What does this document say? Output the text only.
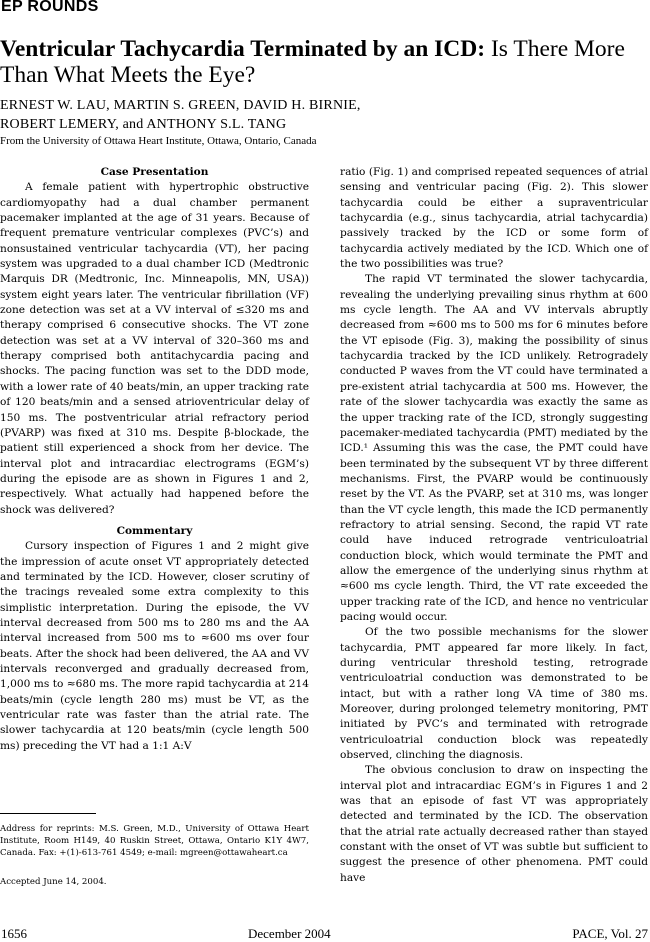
EP ROUNDS
Ventricular Tachycardia Terminated by an ICD: Is There More Than What Meets the Eye?
ERNEST W. LAU, MARTIN S. GREEN, DAVID H. BIRNIE,
ROBERT LEMERY, and ANTHONY S.L. TANG
From the University of Ottawa Heart Institute, Ottawa, Ontario, Canada
Case Presentation

A female patient with hypertrophic obstructive cardiomyopathy had a dual chamber permanent pacemaker implanted at the age of 31 years. Because of frequent premature ventricular complexes (PVC’s) and nonsustained ventricular tachycardia (VT), her pacing system was upgraded to a dual chamber ICD (Medtronic Marquis DR (Medtronic, Inc. Minneapolis, MN, USA)) system eight years later. The ventricular fibrillation (VF) zone detection was set at a VV interval of ≤320 ms and therapy comprised 6 consecutive shocks. The VT zone detection was set at a VV interval of 320–360 ms and therapy comprised both antitachycardia pacing and shocks. The pacing function was set to the DDD mode, with a lower rate of 40 beats/min, an upper tracking rate of 120 beats/min and a sensed atrioventricular delay of 150 ms. The postventricular atrial refractory period (PVARP) was fixed at 310 ms. Despite β-blockade, the patient still experienced a shock from her device. The interval plot and intracardiac electrograms (EGM’s) during the episode are as shown in Figures 1 and 2, respectively. What actually had happened before the shock was delivered?

Commentary

Cursory inspection of Figures 1 and 2 might give the impression of acute onset VT appropriately detected and terminated by the ICD. However, closer scrutiny of the tracings revealed some extra complexity to this simplistic interpretation. During the episode, the VV interval decreased from 500 ms to 280 ms and the AA interval increased from 500 ms to ≈600 ms over four beats. After the shock had been delivered, the AA and VV intervals reconverged and gradually decreased from, 1,000 ms to ≈680 ms. The more rapid tachycardia at 214 beats/min (cycle length 280 ms) must be VT, as the ventricular rate was faster than the atrial rate. The slower tachycardia at 120 beats/min (cycle length 500 ms) preceding the VT had a 1:1 A:V

ratio (Fig. 1) and comprised repeated sequences of atrial sensing and ventricular pacing (Fig. 2). This slower tachycardia could be either a supraventricular tachycardia (e.g., sinus tachycardia, atrial tachycardia) passively tracked by the ICD or some form of tachycardia actively mediated by the ICD. Which one of the two possibilities was true?

The rapid VT terminated the slower tachycardia, revealing the underlying prevailing sinus rhythm at 600 ms cycle length. The AA and VV intervals abruptly decreased from ≈600 ms to 500 ms for 6 minutes before the VT episode (Fig. 3), making the possibility of sinus tachycardia tracked by the ICD unlikely. Retrogradely conducted P waves from the VT could have terminated a pre-existent atrial tachycardia at 500 ms. However, the rate of the slower tachycardia was exactly the same as the upper tracking rate of the ICD, strongly suggesting pacemaker-mediated tachycardia (PMT) mediated by the ICD.¹ Assuming this was the case, the PMT could have been terminated by the subsequent VT by three different mechanisms. First, the PVARP would be continuously reset by the VT. As the PVARP, set at 310 ms, was longer than the VT cycle length, this made the ICD permanently refractory to atrial sensing. Second, the rapid VT rate could have induced retrograde ventriculoatrial conduction block, which would terminate the PMT and allow the emergence of the underlying sinus rhythm at ≈600 ms cycle length. Third, the VT rate exceeded the upper tracking rate of the ICD, and hence no ventricular pacing would occur.

Of the two possible mechanisms for the slower tachycardia, PMT appeared far more likely. In fact, during ventricular threshold testing, retrograde ventriculoatrial conduction was demonstrated to be intact, but with a rather long VA time of 380 ms. Moreover, during prolonged telemetry monitoring, PMT initiated by PVC’s and terminated with retrograde ventriculoatrial conduction block was repeatedly observed, clinching the diagnosis.

The obvious conclusion to draw on inspecting the interval plot and intracardiac EGM’s in Figures 1 and 2 was that an episode of fast VT was appropriately detected and terminated by the ICD. The observation that the atrial rate actually decreased rather than stayed constant with the onset of VT was subtle but sufficient to suggest the presence of other phenomena. PMT could have

Address for reprints: M.S. Green, M.D., University of Ottawa Heart Institute, Room H149, 40 Ruskin Street, Ottawa, Ontario K1Y 4W7, Canada. Fax: +(1)-613-761 4549; e-mail: mgreen@ottawaheart.ca
Accepted June 14, 2004.
1656	December 2004	PACE, Vol. 27
